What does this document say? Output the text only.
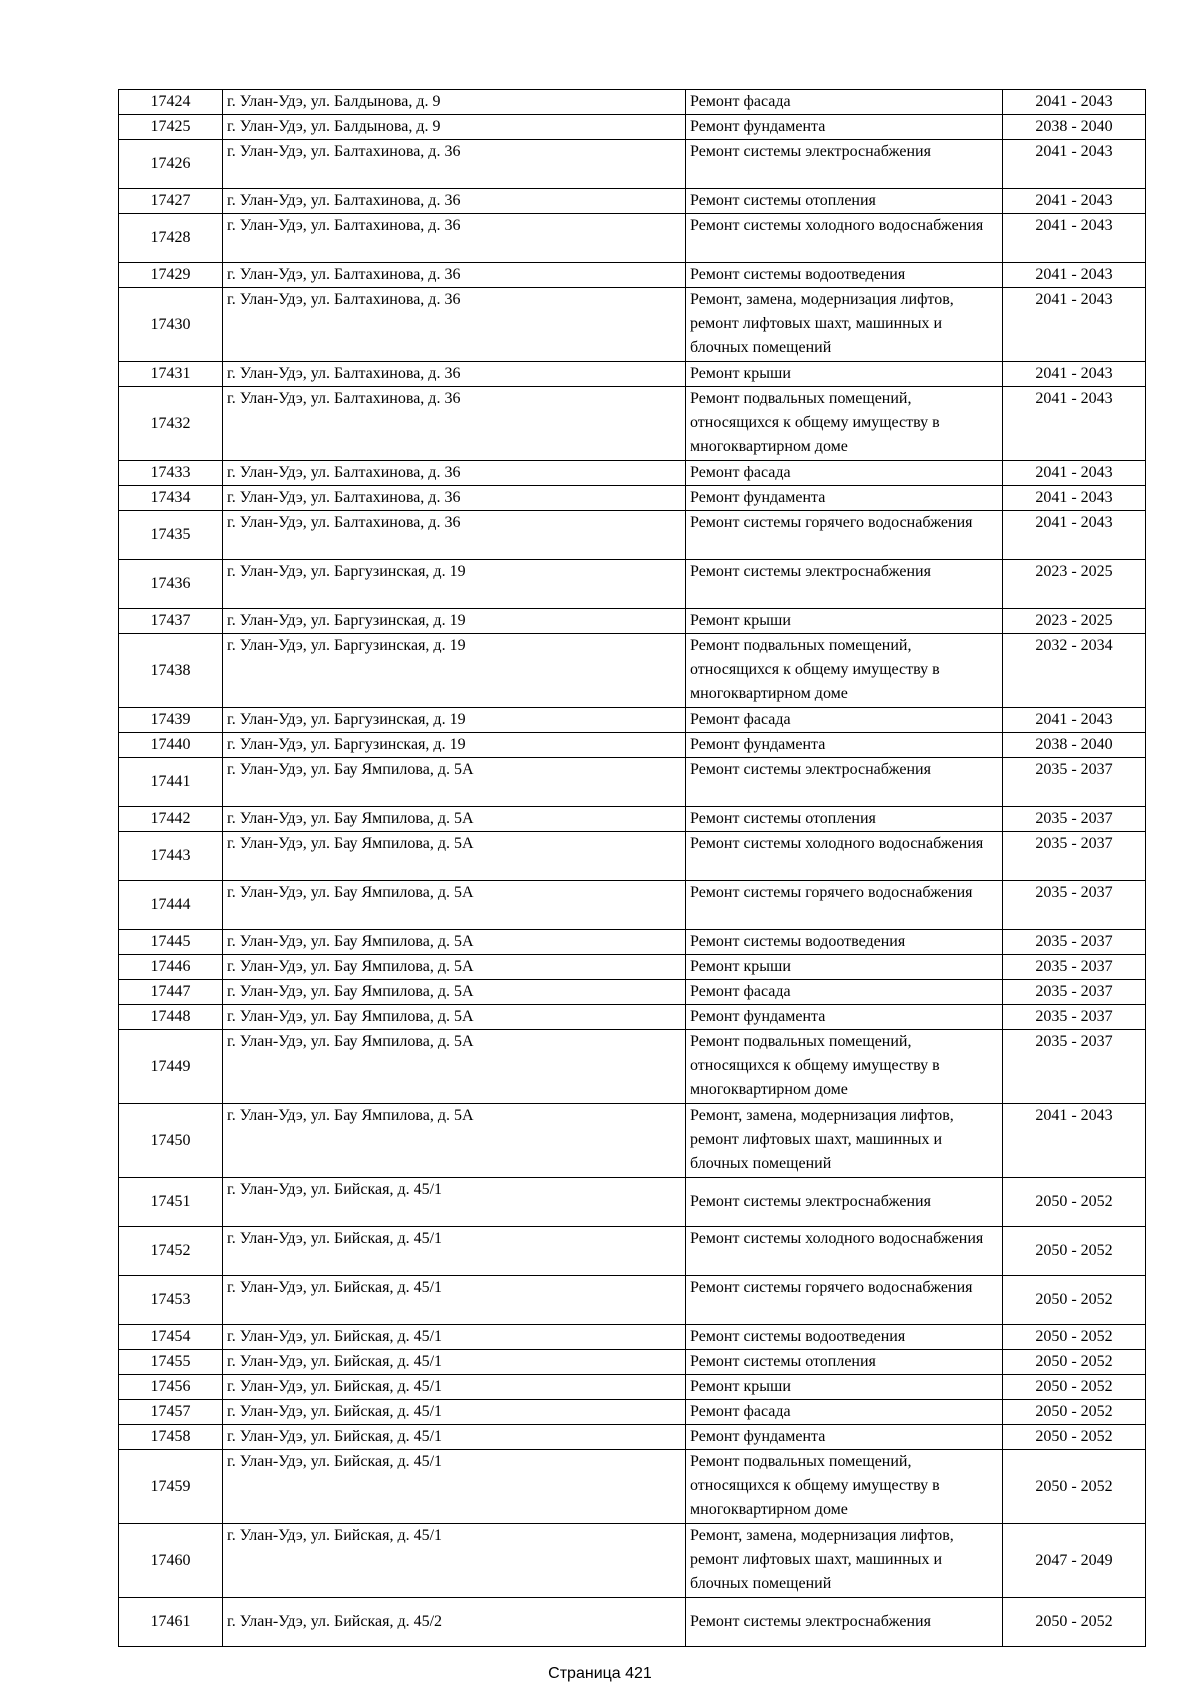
17424	г. Улан-Удэ, ул. Балдынова, д. 9	Ремонт фасада	2041 - 2043
17425	г. Улан-Удэ, ул. Балдынова, д. 9	Ремонт фундамента	2038 - 2040
17426	г. Улан-Удэ, ул. Балтахинова, д. 36	Ремонт системы электроснабжения	2041 - 2043
17427	г. Улан-Удэ, ул. Балтахинова, д. 36	Ремонт системы отопления	2041 - 2043
17428	г. Улан-Удэ, ул. Балтахинова, д. 36	Ремонт системы холодного водоснабжения	2041 - 2043
17429	г. Улан-Удэ, ул. Балтахинова, д. 36	Ремонт системы водоотведения	2041 - 2043
17430	г. Улан-Удэ, ул. Балтахинова, д. 36	Ремонт, замена, модернизация лифтов, ремонт лифтовых шахт, машинных и блочных помещений	2041 - 2043
17431	г. Улан-Удэ, ул. Балтахинова, д. 36	Ремонт крыши	2041 - 2043
17432	г. Улан-Удэ, ул. Балтахинова, д. 36	Ремонт подвальных помещений, относящихся к общему имуществу в многоквартирном доме	2041 - 2043
17433	г. Улан-Удэ, ул. Балтахинова, д. 36	Ремонт фасада	2041 - 2043
17434	г. Улан-Удэ, ул. Балтахинова, д. 36	Ремонт фундамента	2041 - 2043
17435	г. Улан-Удэ, ул. Балтахинова, д. 36	Ремонт системы горячего водоснабжения	2041 - 2043
17436	г. Улан-Удэ, ул. Баргузинская, д. 19	Ремонт системы электроснабжения	2023 - 2025
17437	г. Улан-Удэ, ул. Баргузинская, д. 19	Ремонт крыши	2023 - 2025
17438	г. Улан-Удэ, ул. Баргузинская, д. 19	Ремонт подвальных помещений, относящихся к общему имуществу в многоквартирном доме	2032 - 2034
17439	г. Улан-Удэ, ул. Баргузинская, д. 19	Ремонт фасада	2041 - 2043
17440	г. Улан-Удэ, ул. Баргузинская, д. 19	Ремонт фундамента	2038 - 2040
17441	г. Улан-Удэ, ул. Бау Ямпилова, д. 5А	Ремонт системы электроснабжения	2035 - 2037
17442	г. Улан-Удэ, ул. Бау Ямпилова, д. 5А	Ремонт системы отопления	2035 - 2037
17443	г. Улан-Удэ, ул. Бау Ямпилова, д. 5А	Ремонт системы холодного водоснабжения	2035 - 2037
17444	г. Улан-Удэ, ул. Бау Ямпилова, д. 5А	Ремонт системы горячего водоснабжения	2035 - 2037
17445	г. Улан-Удэ, ул. Бау Ямпилова, д. 5А	Ремонт системы водоотведения	2035 - 2037
17446	г. Улан-Удэ, ул. Бау Ямпилова, д. 5А	Ремонт крыши	2035 - 2037
17447	г. Улан-Удэ, ул. Бау Ямпилова, д. 5А	Ремонт фасада	2035 - 2037
17448	г. Улан-Удэ, ул. Бау Ямпилова, д. 5А	Ремонт фундамента	2035 - 2037
17449	г. Улан-Удэ, ул. Бау Ямпилова, д. 5А	Ремонт подвальных помещений, относящихся к общему имуществу в многоквартирном доме	2035 - 2037
17450	г. Улан-Удэ, ул. Бау Ямпилова, д. 5А	Ремонт, замена, модернизация лифтов, ремонт лифтовых шахт, машинных и блочных помещений	2041 - 2043
17451	г. Улан-Удэ, ул. Бийская, д. 45/1	Ремонт системы электроснабжения	2050 - 2052
17452	г. Улан-Удэ, ул. Бийская, д. 45/1	Ремонт системы холодного водоснабжения	2050 - 2052
17453	г. Улан-Удэ, ул. Бийская, д. 45/1	Ремонт системы горячего водоснабжения	2050 - 2052
17454	г. Улан-Удэ, ул. Бийская, д. 45/1	Ремонт системы водоотведения	2050 - 2052
17455	г. Улан-Удэ, ул. Бийская, д. 45/1	Ремонт системы отопления	2050 - 2052
17456	г. Улан-Удэ, ул. Бийская, д. 45/1	Ремонт крыши	2050 - 2052
17457	г. Улан-Удэ, ул. Бийская, д. 45/1	Ремонт фасада	2050 - 2052
17458	г. Улан-Удэ, ул. Бийская, д. 45/1	Ремонт фундамента	2050 - 2052
17459	г. Улан-Удэ, ул. Бийская, д. 45/1	Ремонт подвальных помещений, относящихся к общему имуществу в многоквартирном доме	2050 - 2052
17460	г. Улан-Удэ, ул. Бийская, д. 45/1	Ремонт, замена, модернизация лифтов, ремонт лифтовых шахт, машинных и блочных помещений	2047 - 2049
17461	г. Улан-Удэ, ул. Бийская, д. 45/2	Ремонт системы электроснабжения	2050 - 2052
Страница 421
